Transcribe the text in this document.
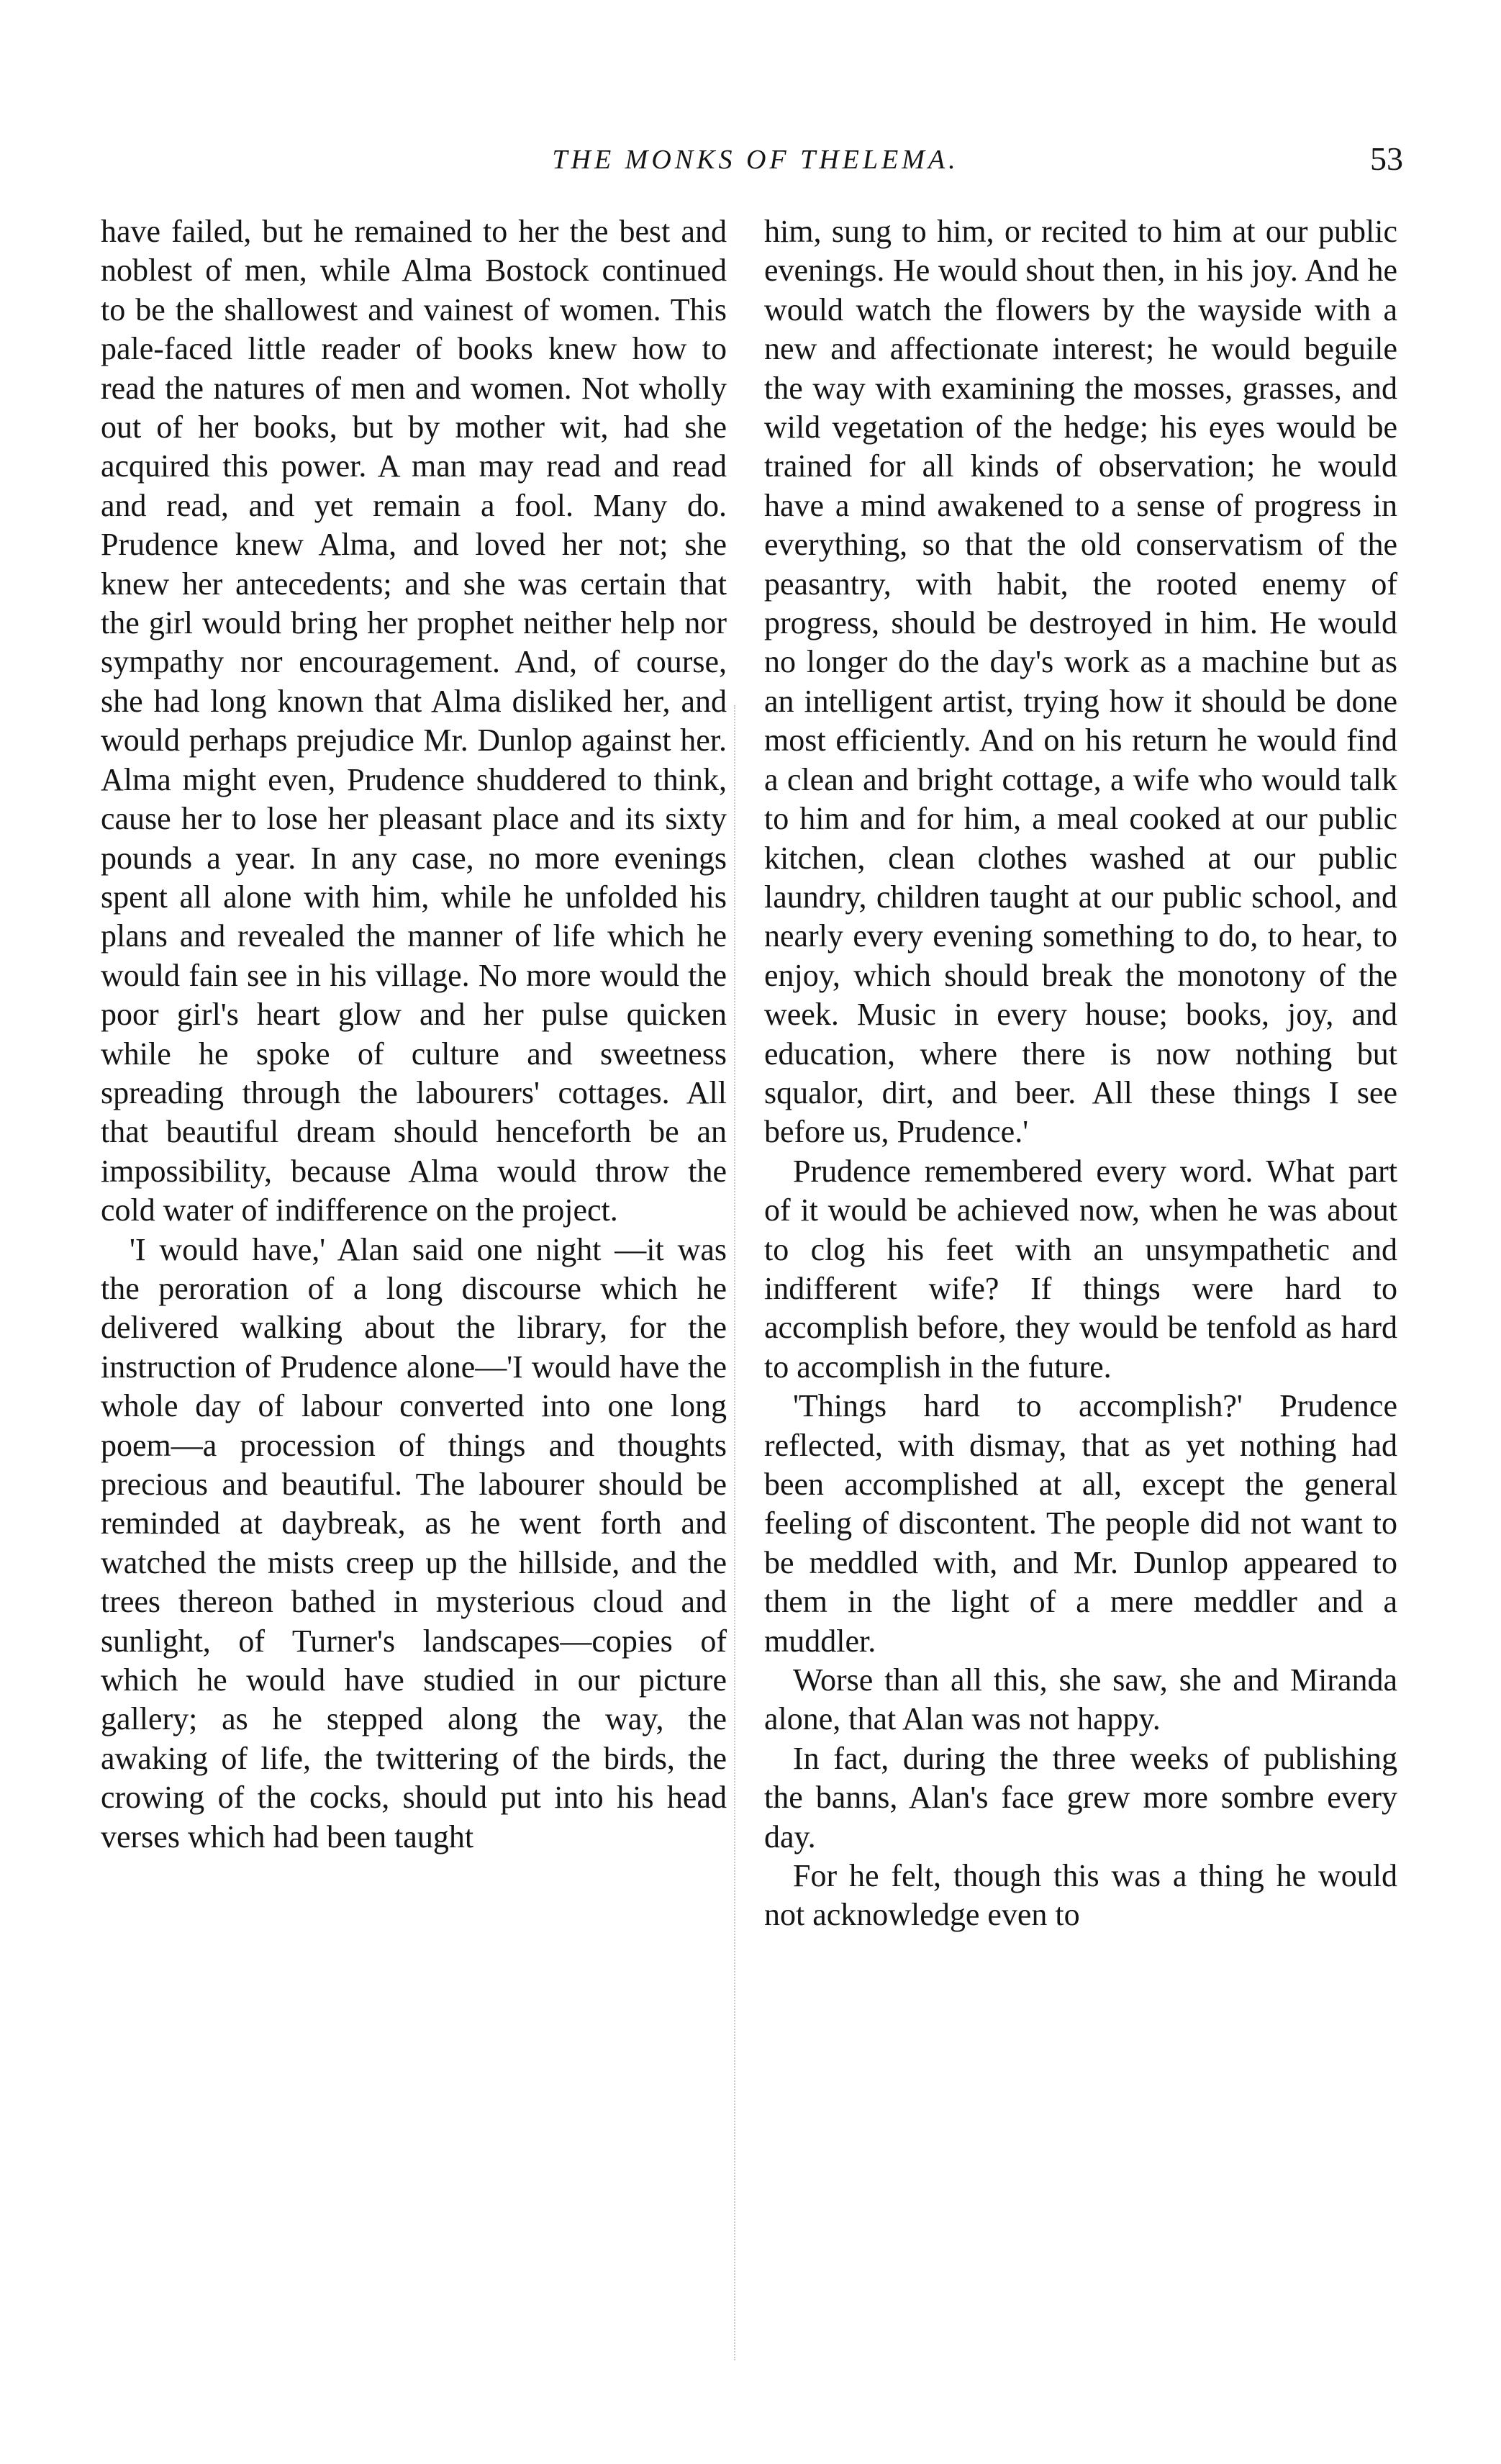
THE MONKS OF THELEMA.	53

have failed, but he remained to her the best and noblest of men, while Alma Bostock continued to be the shallowest and vainest of women. This pale-faced little reader of books knew how to read the natures of men and women. Not wholly out of her books, but by mother wit, had she acquired this power. A man may read and read and read, and yet remain a fool. Many do. Prudence knew Alma, and loved her not; she knew her antecedents; and she was certain that the girl would bring her prophet neither help nor sympathy nor encouragement. And, of course, she had long known that Alma disliked her, and would perhaps prejudice Mr. Dunlop against her. Alma might even, Prudence shuddered to think, cause her to lose her pleasant place and its sixty pounds a year. In any case, no more evenings spent all alone with him, while he unfolded his plans and revealed the manner of life which he would fain see in his village. No more would the poor girl's heart glow and her pulse quicken while he spoke of culture and sweetness spreading through the labourers' cottages. All that beautiful dream should henceforth be an impossibility, because Alma would throw the cold water of indifference on the project.

'I would have,' Alan said one night —it was the peroration of a long discourse which he delivered walking about the library, for the instruction of Prudence alone—'I would have the whole day of labour converted into one long poem—a procession of things and thoughts precious and beautiful. The labourer should be reminded at daybreak, as he went forth and watched the mists creep up the hillside, and the trees thereon bathed in mysterious cloud and sunlight, of Turner's landscapes—copies of which he would have studied in our picture gallery; as he stepped along the way, the awaking of life, the twittering of the birds, the crowing of the cocks, should put into his head verses which had been taught

him, sung to him, or recited to him at our public evenings. He would shout then, in his joy. And he would watch the flowers by the wayside with a new and affectionate interest; he would beguile the way with examining the mosses, grasses, and wild vegetation of the hedge; his eyes would be trained for all kinds of observation; he would have a mind awakened to a sense of progress in everything, so that the old conservatism of the peasantry, with habit, the rooted enemy of progress, should be destroyed in him. He would no longer do the day's work as a machine but as an intelligent artist, trying how it should be done most efficiently. And on his return he would find a clean and bright cottage, a wife who would talk to him and for him, a meal cooked at our public kitchen, clean clothes washed at our public laundry, children taught at our public school, and nearly every evening something to do, to hear, to enjoy, which should break the monotony of the week. Music in every house; books, joy, and education, where there is now nothing but squalor, dirt, and beer. All these things I see before us, Prudence.'

Prudence remembered every word. What part of it would be achieved now, when he was about to clog his feet with an unsympathetic and indifferent wife? If things were hard to accomplish before, they would be tenfold as hard to accomplish in the future.

'Things hard to accomplish?' Prudence reflected, with dismay, that as yet nothing had been accomplished at all, except the general feeling of discontent. The people did not want to be meddled with, and Mr. Dunlop appeared to them in the light of a mere meddler and a muddler.

Worse than all this, she saw, she and Miranda alone, that Alan was not happy.

In fact, during the three weeks of publishing the banns, Alan's face grew more sombre every day.

For he felt, though this was a thing he would not acknowledge even to
